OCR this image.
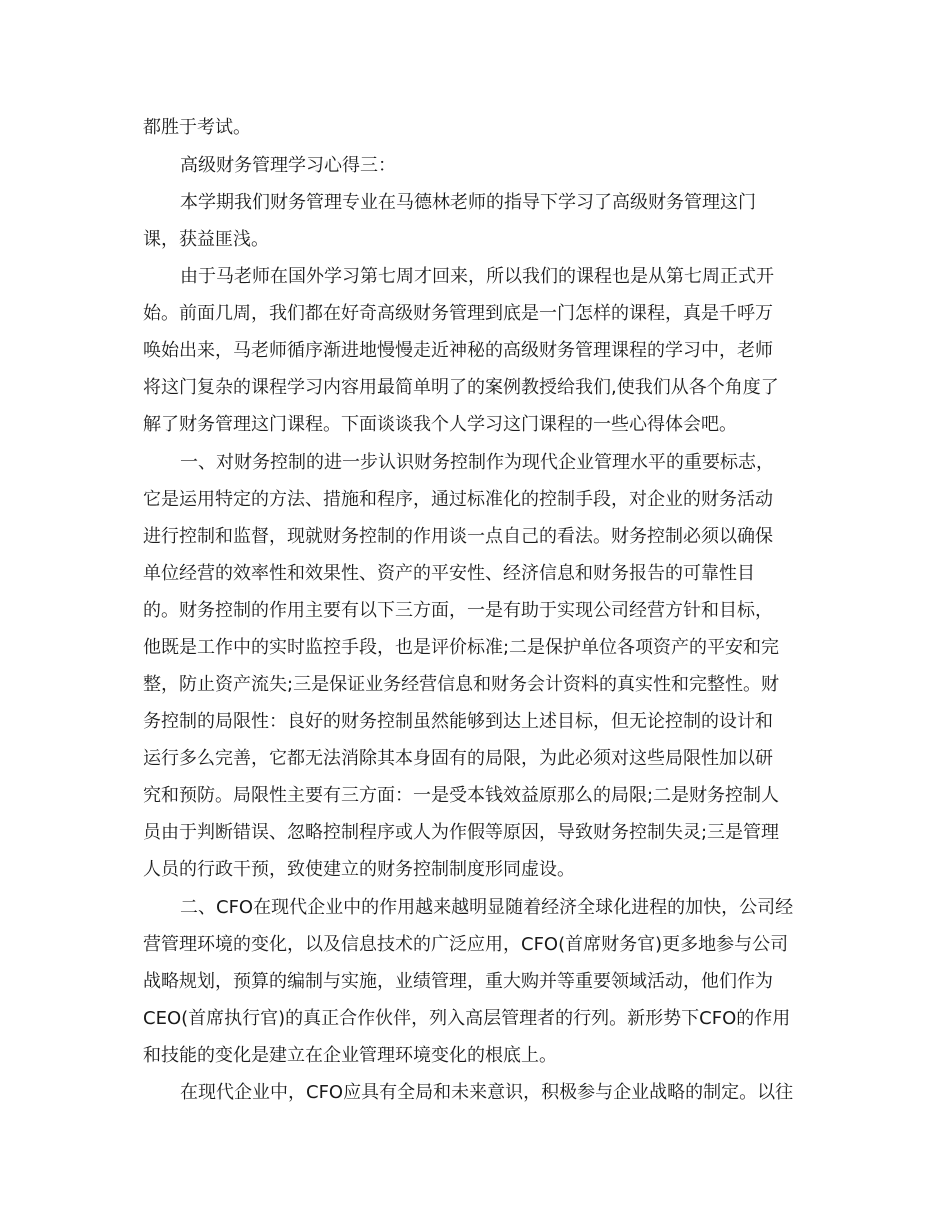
都胜于考试。
高级财务管理学习心得三：
本学期我们财务管理专业在马德林老师的指导下学习了高级财务管理这门
课，获益匪浅。
由于马老师在国外学习第七周才回来，所以我们的课程也是从第七周正式开
始。前面几周，我们都在好奇高级财务管理到底是一门怎样的课程，真是千呼万
唤始出来，马老师循序渐进地慢慢走近神秘的高级财务管理课程的学习中，老师
将这门复杂的课程学习内容用最简单明了的案例教授给我们,使我们从各个角度了
解了财务管理这门课程。下面谈谈我个人学习这门课程的一些心得体会吧。
一、对财务控制的进一步认识财务控制作为现代企业管理水平的重要标志，
它是运用特定的方法、措施和程序，通过标准化的控制手段，对企业的财务活动
进行控制和监督，现就财务控制的作用谈一点自己的看法。财务控制必须以确保
单位经营的效率性和效果性、资产的平安性、经济信息和财务报告的可靠性目
的。财务控制的作用主要有以下三方面，一是有助于实现公司经营方针和目标，
他既是工作中的实时监控手段，也是评价标准;二是保护单位各项资产的平安和完
整，防止资产流失;三是保证业务经营信息和财务会计资料的真实性和完整性。财
务控制的局限性：良好的财务控制虽然能够到达上述目标，但无论控制的设计和
运行多么完善，它都无法消除其本身固有的局限，为此必须对这些局限性加以研
究和预防。局限性主要有三方面：一是受本钱效益原那么的局限;二是财务控制人
员由于判断错误、忽略控制程序或人为作假等原因，导致财务控制失灵;三是管理
人员的行政干预，致使建立的财务控制制度形同虚设。
二、CFO在现代企业中的作用越来越明显随着经济全球化进程的加快，公司经
营管理环境的变化，以及信息技术的广泛应用，CFO(首席财务官)更多地参与公司
战略规划，预算的编制与实施，业绩管理，重大购并等重要领域活动，他们作为
CEO(首席执行官)的真正合作伙伴，列入高层管理者的行列。新形势下CFO的作用
和技能的变化是建立在企业管理环境变化的根底上。
在现代企业中，CFO应具有全局和未来意识，积极参与企业战略的制定。以往
